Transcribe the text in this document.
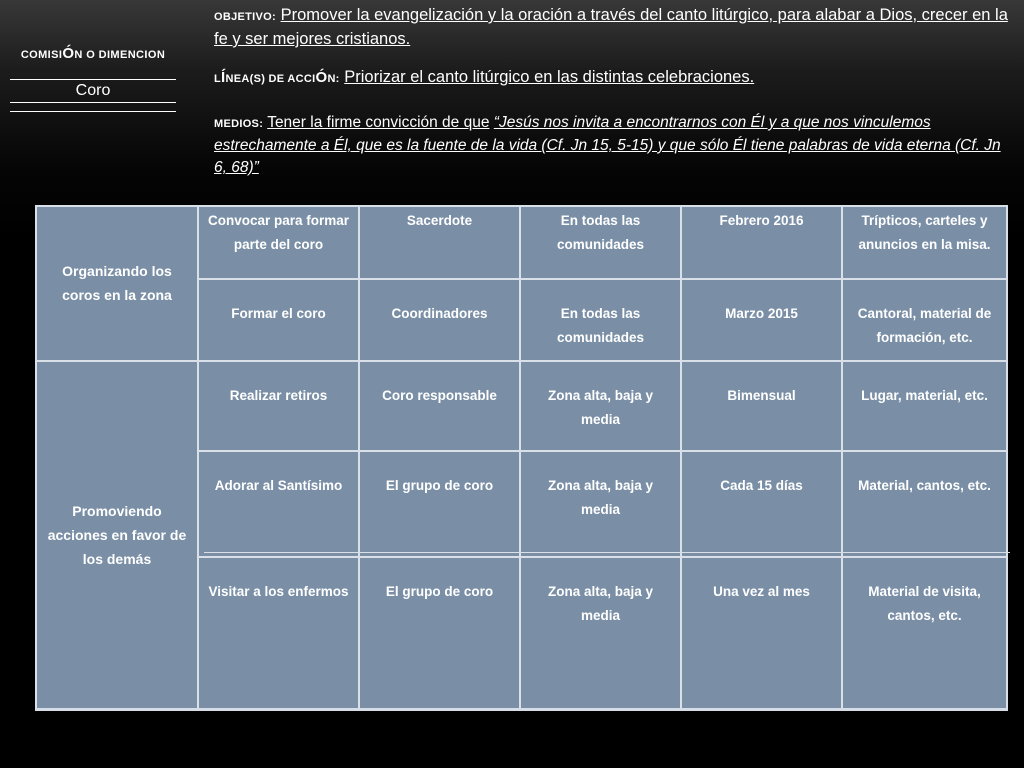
COMISIÓN O DIMENCION
Coro

OBJETIVO: Promover la evangelización y la oración a través del canto litúrgico, para alabar a Dios, crecer en la fe y ser mejores cristianos.

LÍNEA(S) DE ACCIÓN: Priorizar el canto litúrgico en las distintas celebraciones.
MEDIOS: Tener la firme convicción de que “Jesús nos invita a encontrarnos con Él y a que nos vinculemos estrechamente a Él, que es la fuente de la vida (Cf. Jn 15, 5-15) y que sólo Él tiene palabras de vida eterna (Cf. Jn 6, 68)”
Organizando los coros en la zona	Convocar para formar parte del coro	Sacerdote	En todas las comunidades	Febrero 2016	Trípticos, carteles y anuncios en la misa.
	Formar el coro	Coordinadores	En todas las comunidades	Marzo 2015	Cantoral, material de formación, etc.
Promoviendo acciones en favor de los demás	Realizar retiros	Coro responsable	Zona alta, baja y media	Bimensual	Lugar, material, etc.
	Adorar al Santísimo	El grupo de coro	Zona alta, baja y media	Cada 15 días	Material, cantos, etc.
	Visitar a los enfermos	El grupo de coro	Zona alta, baja y media	Una vez al mes	Material de visita, cantos, etc.
